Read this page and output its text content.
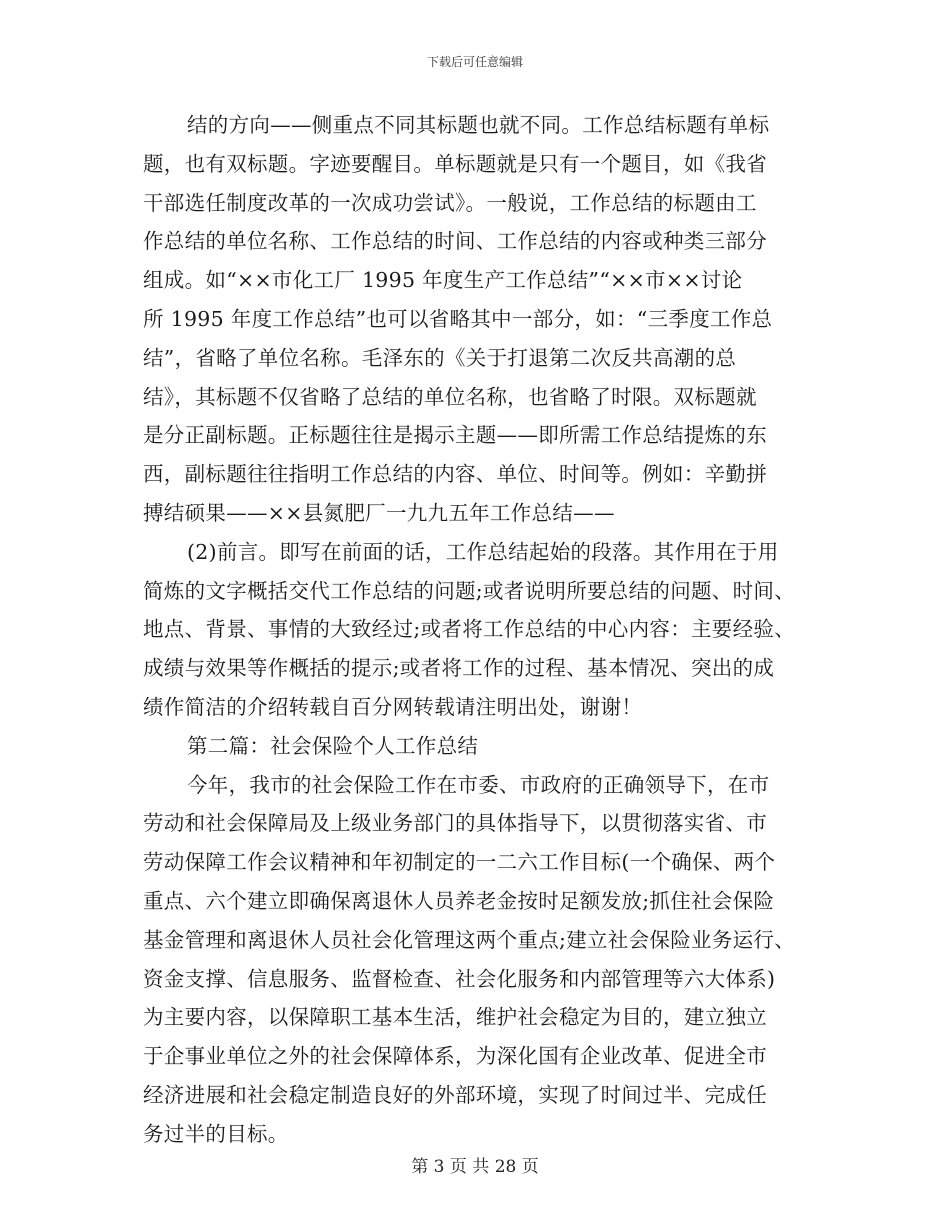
下载后可任意编辑
结的方向——侧重点不同其标题也就不同。工作总结标题有单标
题，也有双标题。字迹要醒目。单标题就是只有一个题目，如《我省
干部选任制度改革的一次成功尝试》。一般说，工作总结的标题由工
作总结的单位名称、工作总结的时间、工作总结的内容或种类三部分
组成。如“××市化工厂 1995 年度生产工作总结”“××市××讨论
所 1995 年度工作总结”也可以省略其中一部分，如：“三季度工作总
结”，省略了单位名称。毛泽东的《关于打退第二次反共高潮的总
结》，其标题不仅省略了总结的单位名称，也省略了时限。双标题就
是分正副标题。正标题往往是揭示主题——即所需工作总结提炼的东
西，副标题往往指明工作总结的内容、单位、时间等。例如：辛勤拼
搏结硕果——××县氮肥厂一九九五年工作总结——
(2)前言。即写在前面的话，工作总结起始的段落。其作用在于用
简炼的文字概括交代工作总结的问题;或者说明所要总结的问题、时间、
地点、背景、事情的大致经过;或者将工作总结的中心内容：主要经验、
成绩与效果等作概括的提示;或者将工作的过程、基本情况、突出的成
绩作简洁的介绍转载自百分网转载请注明出处，谢谢！
第二篇：社会保险个人工作总结
今年，我市的社会保险工作在市委、市政府的正确领导下，在市
劳动和社会保障局及上级业务部门的具体指导下，以贯彻落实省、市
劳动保障工作会议精神和年初制定的一二六工作目标(一个确保、两个
重点、六个建立即确保离退休人员养老金按时足额发放;抓住社会保险
基金管理和离退休人员社会化管理这两个重点;建立社会保险业务运行、
资金支撑、信息服务、监督检查、社会化服务和内部管理等六大体系)
为主要内容，以保障职工基本生活，维护社会稳定为目的，建立独立
于企事业单位之外的社会保障体系，为深化国有企业改革、促进全市
经济进展和社会稳定制造良好的外部环境，实现了时间过半、完成任
务过半的目标。
第 3 页 共 28 页
